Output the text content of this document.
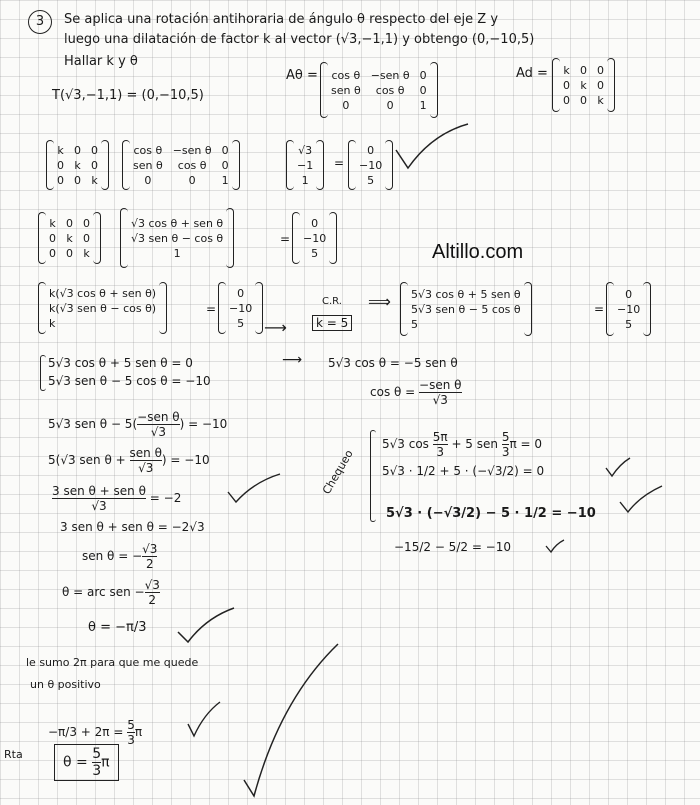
Altillo.com
3	Se aplica una rotación antihoraria de ángulo θ respecto del eje Z y
luego una dilatación de factor k al vector (√3,−1,1) y obtengo (0,−10,5)
Hallar k y θ
T(√3,−1,1) = (0,−10,5)
Aθ = cos θ −sen θ 0
sen θ	cos θ	0
0	0	1
Ad = k 0 0
0 k 0
0 0 k
k 0 0
0 k 0
0 0 k
cos θ −sen θ 0
sen θ	cos θ	0
0	0	1
√3
−1
1
=
0
−10
5
k 0 0
0 k 0
0 0 k
√3 cos θ + sen θ
√3 sen θ − cos θ
1
=
0
−10
5
k(√3 cos θ + sen θ)
k(√3 sen θ − cos θ)
k
=
0
−10
5	⟶
C.R.
k = 5
⟹ 5√3 cos θ + 5 sen θ
5√3 sen θ − 5 cos θ
5
=
0
−10
5
5√3 cos θ + 5 sen θ = 0
5√3 sen θ − 5 cos θ = −10
⟶ 5√3 cos θ = −5 sen θ
$\cos \theta = \frac{\text{−sen θ}}{√3}$
5√3 sen $\theta - 5( \frac{\text{−sen θ}}{√3}$ ) = −10
5(√3 sen $\theta + \frac{\text{sen θ}}{√3}$ ) = −10
$\frac{\text{3 sen θ + sen θ}}{√3} = -2$
3 sen θ + sen θ = −2√3
sen θ = − $\frac{√3}{2}$
θ = arc sen − $\frac{√3}{2}$
θ = −π/3
Chequeo
5√3 $\cos \frac{5\pi}{3} + 5$ sen $\frac{5}{3}$ π = 0
5√3 · 1/2 + 5 · (−√3/2) = 0
5√3 · (−√3/2) − 5 · 1/2 = −10
−15/2 − 5/2 = −10
le sumo 2π para que me quede
un θ positivo
$-\pi/3 + 2\pi = \frac{5}{3}$ π
Rta	$\theta = \frac{5}{3}$ π
